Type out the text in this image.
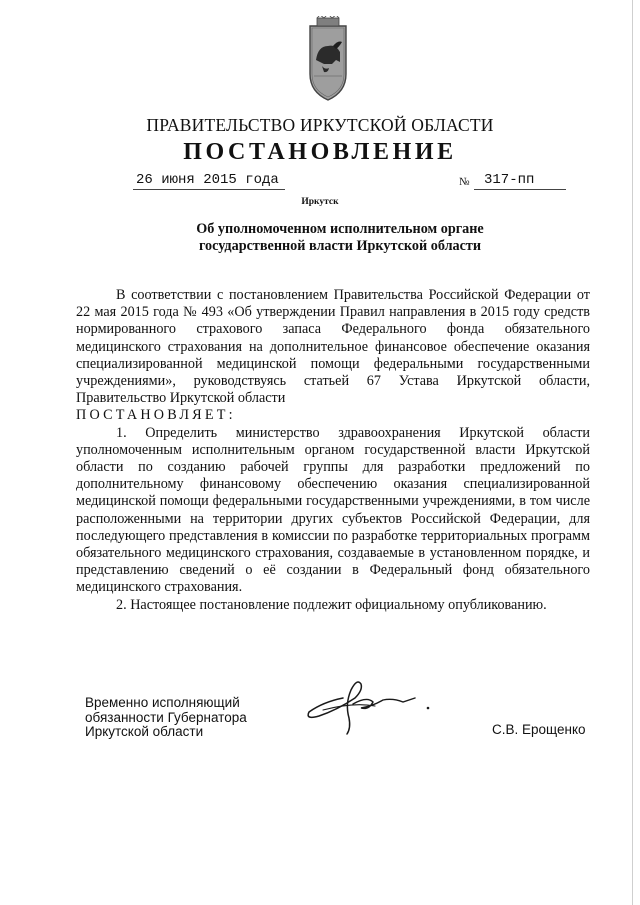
ПРАВИТЕЛЬСТВО ИРКУТСКОЙ ОБЛАСТИ
ПОСТАНОВЛЕНИЕ
26 июня 2015 года	№	317-пп
Иркутск
Об уполномоченном исполнительном органе
государственной власти Иркутской области

В соответствии с постановлением Правительства Российской Федерации от 22 мая 2015 года № 493 «Об утверждении Правил направления в 2015 году средств нормированного страхового запаса Федерального фонда обязательного медицинского страхования на дополнительное финансовое обеспечение оказания специализированной медицинской помощи федеральными государственными учреждениями», руководствуясь статьей 67 Устава Иркутской области, Правительство Иркутской области

ПОСТАНОВЛЯЕТ:

1. Определить министерство здравоохранения Иркутской области уполномоченным исполнительным органом государственной власти Иркутской области по созданию рабочей группы для разработки предложений по дополнительному финансовому обеспечению оказания специализированной медицинской помощи федеральными государственными учреждениями, в том числе расположенными на территории других субъектов Российской Федерации, для последующего представления в комиссии по разработке территориальных программ обязательного медицинского страхования, создаваемые в установленном порядке, и представлению сведений о её создании в Федеральный фонд обязательного медицинского страхования.

2. Настоящее постановление подлежит официальному опубликованию.

Временно исполняющий
обязанности Губернатора
Иркутской области	С.В. Ерощенко
